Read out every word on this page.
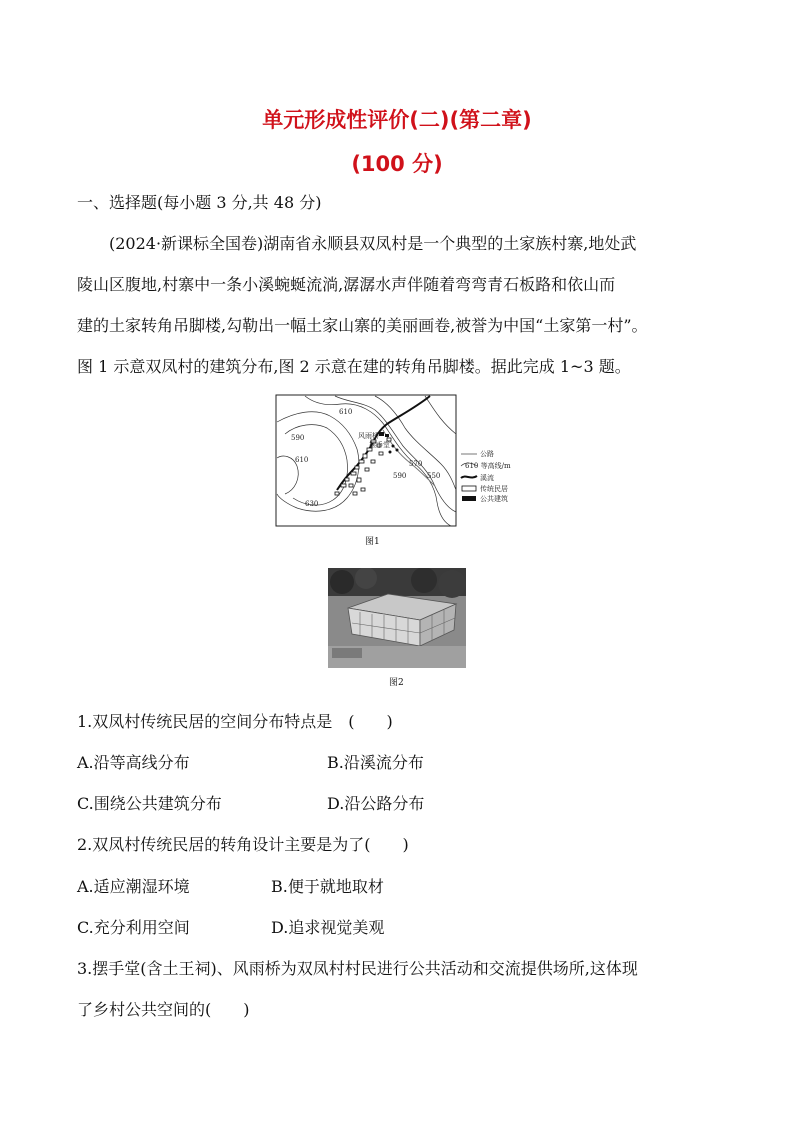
单元形成性评价(二)(第二章)
(100 分)
一、选择题(每小题 3 分,共 48 分)
(2024·新课标全国卷)湖南省永顺县双凤村是一个典型的土家族村寨,地处武
陵山区腹地,村寨中一条小溪蜿蜒流淌,潺潺水声伴随着弯弯青石板路和依山而
建的土家转角吊脚楼,勾勒出一幅土家山寨的美丽画卷,被誉为中国“土家第一村”。
图 1 示意双凤村的建筑分布,图 2 示意在建的转角吊脚楼。据此完成 1~3 题。
风雨桥
摆手堂
590
610
610
630
570
590	550
公路
610 等高线/m
溪流
传统民居
公共建筑
图1
图2
1.双凤村传统民居的空间分布特点是　(　　)
A.沿等高线分布	B.沿溪流分布
C.围绕公共建筑分布	D.沿公路分布
2.双凤村传统民居的转角设计主要是为了(　　)
A.适应潮湿环境	B.便于就地取材
C.充分利用空间	D.追求视觉美观
3.摆手堂(含土王祠)、风雨桥为双凤村村民进行公共活动和交流提供场所,这体现
了乡村公共空间的(　　)
